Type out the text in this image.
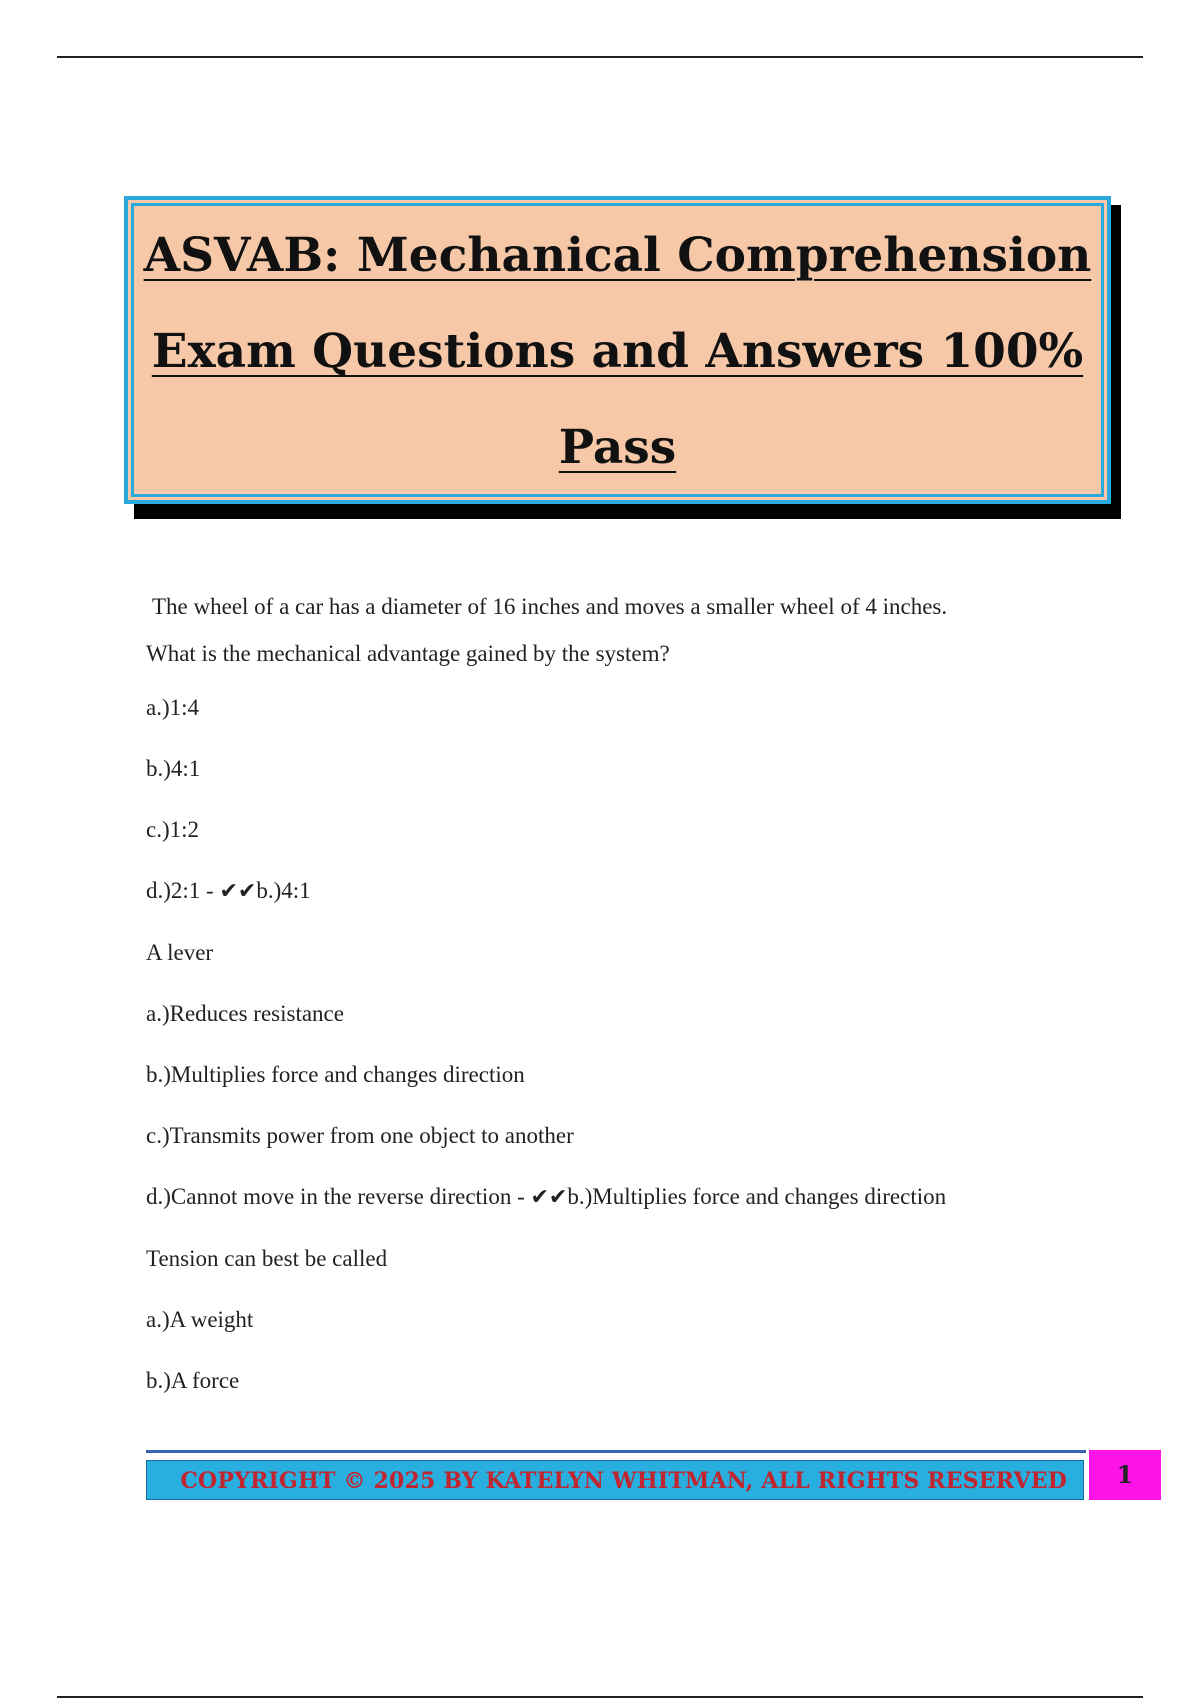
ASVAB: Mechanical Comprehension
Exam Questions and Answers 100%
Pass

The wheel of a car has a diameter of 16 inches and moves a smaller wheel of 4 inches.

What is the mechanical advantage gained by the system?

a.)1:4

b.)4:1

c.)1:2

d.)2:1 - ✔✔b.)4:1

A lever

a.)Reduces resistance

b.)Multiplies force and changes direction

c.)Transmits power from one object to another

d.)Cannot move in the reverse direction - ✔✔b.)Multiplies force and changes direction

Tension can best be called

a.)A weight

b.)A force

COPYRIGHT © 2025 BY KATELYN WHITMAN, ALL RIGHTS RESERVED	1
